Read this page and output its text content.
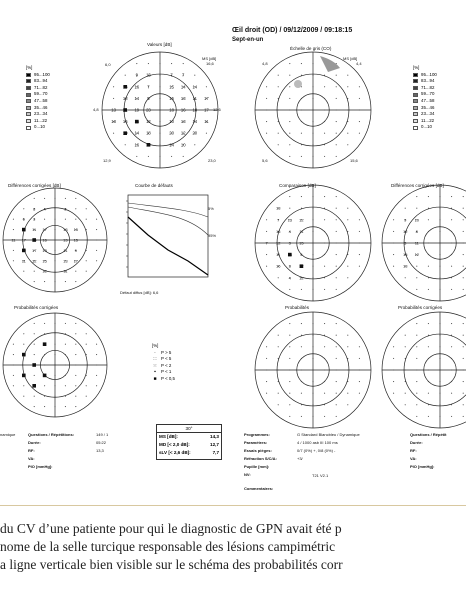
Œil droit (OD) / 09/12/2009 / 09:18:15
Sept-en-un
Valeurs [dB]
Échelle de gris (CO)
Différences corrigées [dB]	Courbe de défauts	Comparaison [dB]	Différences corrigées [dB]
Probabilités corrigées	Probabilités	Probabilités corrigées
[%]
95...100
83...94
71...82
59...70
47...58
35...46
23...34
11...22
0...10
[%]
95...100
83...94
71...82
59...70
47...58
35...46
23...34
11...22
0...10
[%]
·	P > 5
∷	P < 5
⁙ P < 2
▪	P < 1
■	P < 0,5
9 13	7 7
18 16 7	15 14 14
18 14 5	15 13 11 17
13 21 19 23	18 16 18 17
18 16 15 12	10 13 14 11
19 14 18	20 12 20
16 13	14 10
8 4	3
6 3
5 11 17	13 15
11 17 15 16	13 15
12 17 13	11 9
11 12 15	13 17
12	11
7 13 12
16 4 11
7 12 3 15
11 13 5
3 12
16
4 12
13
9 10
12 8
3 11
15 12
13
6,0
MS [dB]
16,6
4,8	12,6
12,9	23,0
4,8
MS [dB]
4,4
5,6	15,6
95%
5%
Défaut diffus [dB]: 6,6
namique	Questions / Répétitions:	149 / 1
Durée:	05:22
RF:	13,3
VA:
PIO [mmHg]:
30°
MS [dB]:	14,3
MD [< 2,0 dB]:	12,7
sLV [< 2,6 dB]:	7,7
Programmes:	G Standard Blancbleu / Dynamique
Paramètres:	4 / 1000 asb III 100 ms
Essais pièges:	0/7 (0%) +, 0/8 (0%) -
Réfraction S/C/A:	+3/
Pupille [mm]:
NV:	T21 V2.1
Commentaires:
Questions / Répétit
Durée:
RF:
VA:
PIO [mmHg]:
du CV d’une patiente pour qui le diagnostic de GPN avait été p
nome de la selle turcique responsable des lésions campimétric
a ligne verticale bien visible sur le schéma des probabilités corr
